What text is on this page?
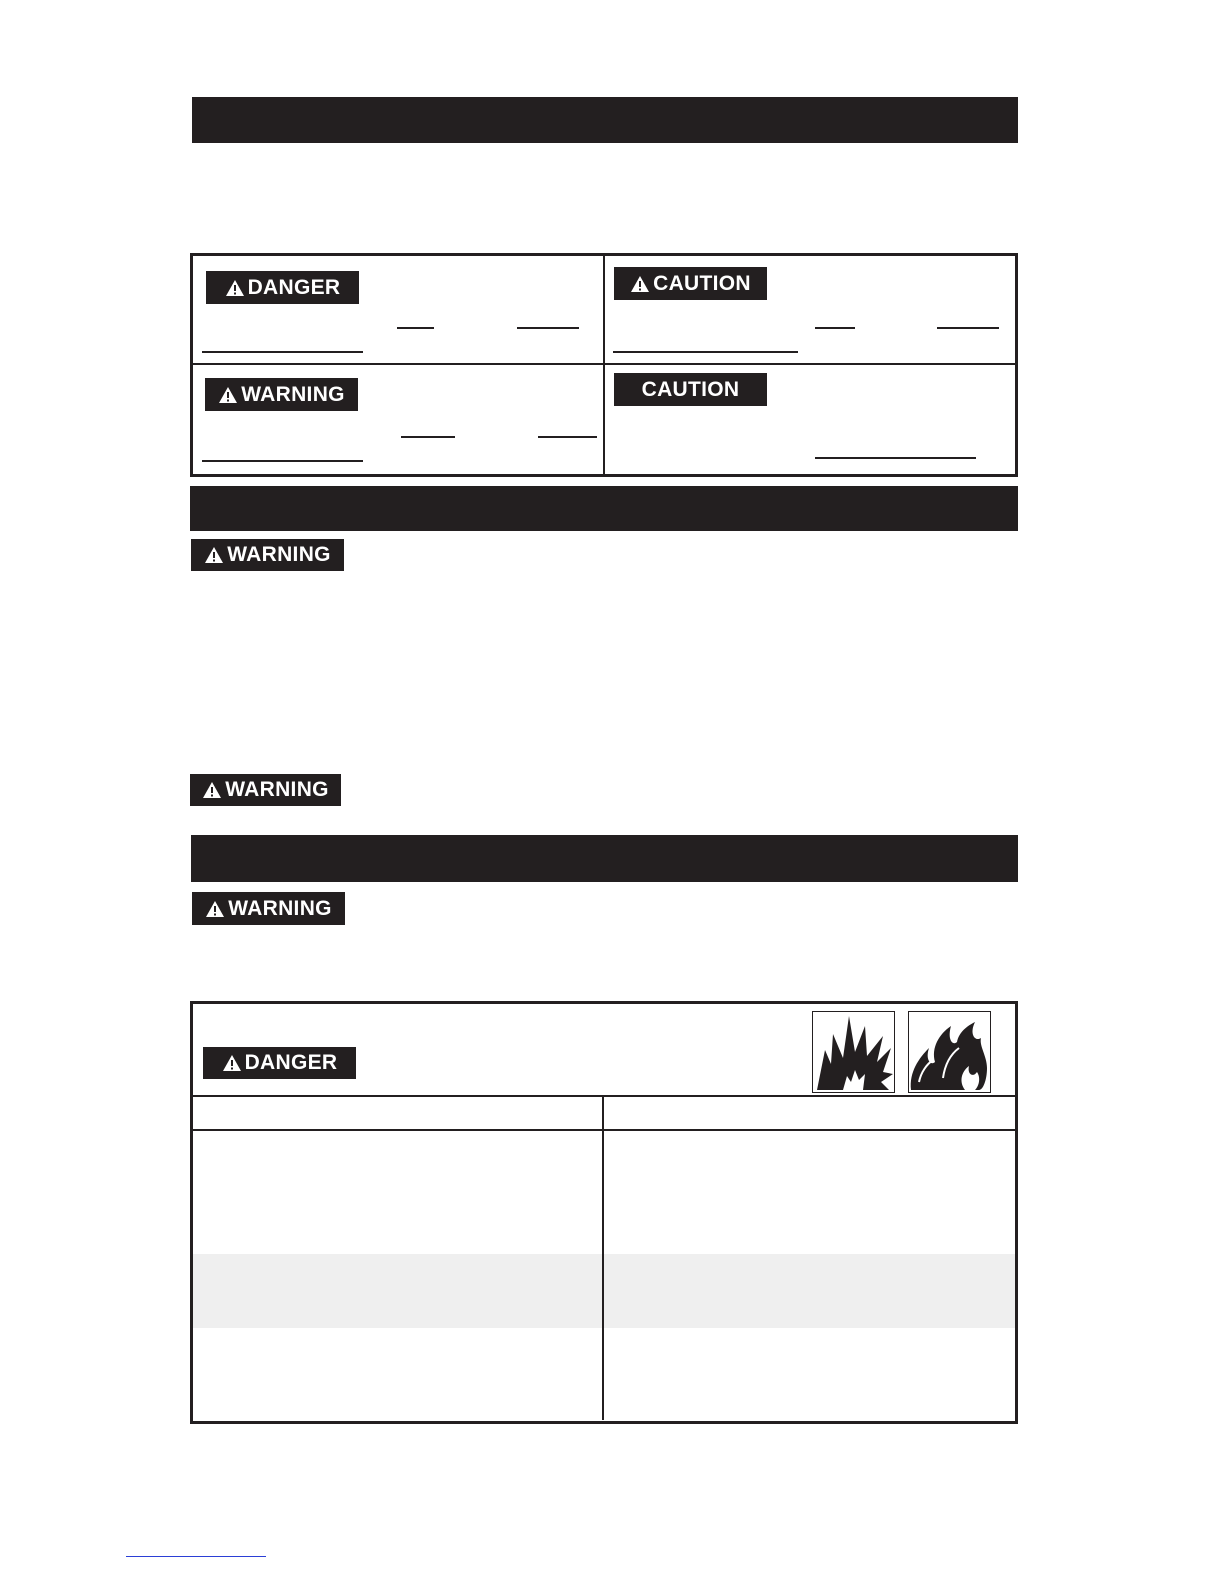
DANGER	CAUTION
WARNING	CAUTION
WARNING
WARNING
WARNING
DANGER
